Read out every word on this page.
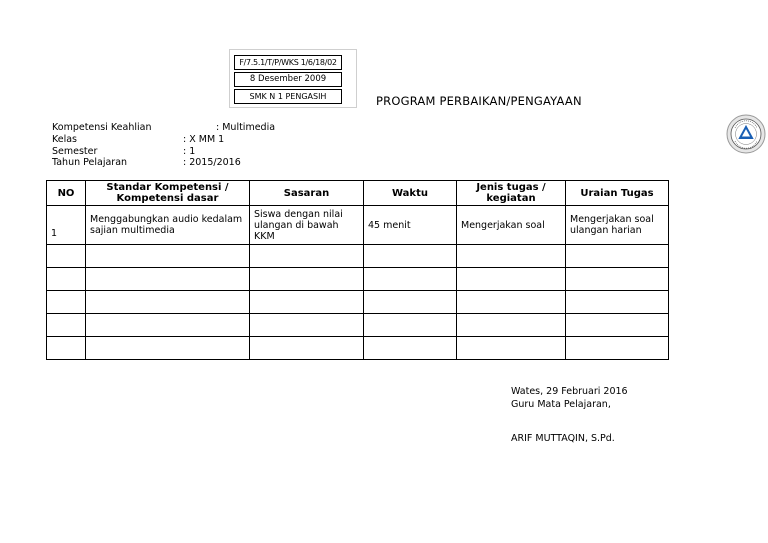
F/7.5.1/T/P/WKS 1/6/18/02
8 Desember 2009
SMK N 1 PENGASIH	PROGRAM PERBAIKAN/PENGAYAAN
Kompetensi Keahlian	: Multimedia
Kelas	: X MM 1
Semester	: 1
Tahun Pelajaran	: 2015/2016
NO	Standar Kompetensi / Kompetensi dasar	Sasaran	Waktu	Jenis tugas / kegiatan	Uraian Tugas
1	Menggabungkan audio kedalam sajian multimedia	Siswa dengan nilai ulangan di bawah KKM	45 menit	Mengerjakan soal	Mengerjakan soal ulangan harian

Wates, 29 Februari 2016
Guru Mata Pelajaran,
ARIF MUTTAQIN, S.Pd.
